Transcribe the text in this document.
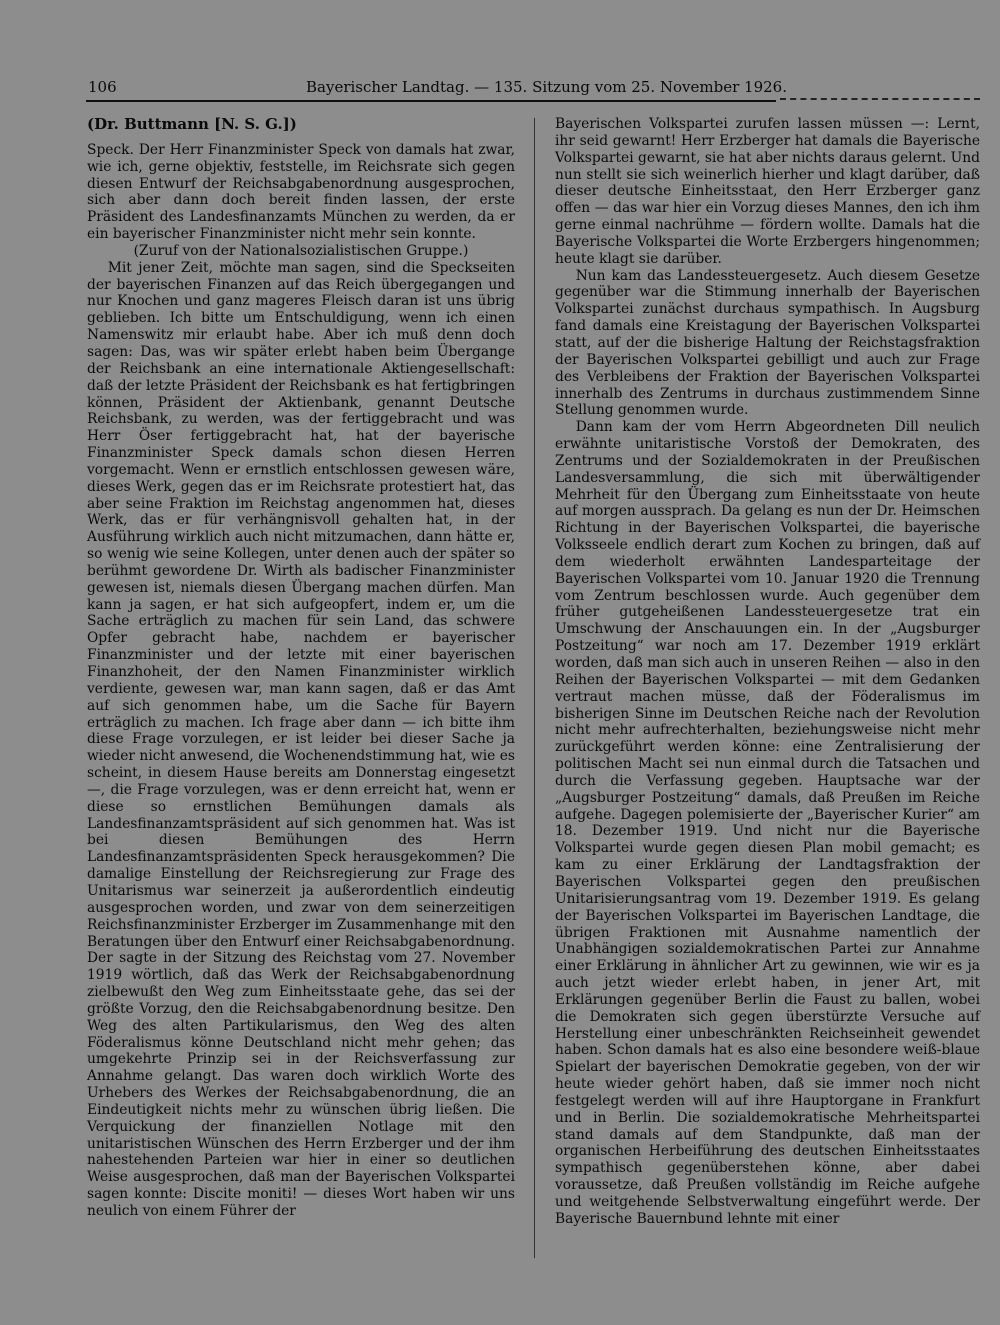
106	Bayerischer Landtag. — 135. Sitzung vom 25. November 1926.
(Dr. Buttmann [N. S. G.])

Speck. Der Herr Finanzminister Speck von damals hat zwar, wie ich, gerne objektiv, feststelle, im Reichsrate sich gegen diesen Entwurf der Reichsabgabenordnung ausgesprochen, sich aber dann doch bereit finden lassen, der erste Präsident des Landesfinanzamts München zu werden, da er ein bayerischer Finanzminister nicht mehr sein konnte.

(Zuruf von der Nationalsozialistischen Gruppe.)

Mit jener Zeit, möchte man sagen, sind die Speckseiten der bayerischen Finanzen auf das Reich übergegangen und nur Knochen und ganz mageres Fleisch daran ist uns übrig geblieben. Ich bitte um Entschuldigung, wenn ich einen Namenswitz mir erlaubt habe. Aber ich muß denn doch sagen: Das, was wir später erlebt haben beim Übergange der Reichsbank an eine internationale Aktiengesellschaft: daß der letzte Präsident der Reichsbank es hat fertigbringen können, Präsident der Aktienbank, genannt Deutsche Reichsbank, zu werden, was der fertiggebracht und was Herr Öser fertiggebracht hat, hat der bayerische Finanzminister Speck damals schon diesen Herren vorgemacht. Wenn er ernstlich entschlossen gewesen wäre, dieses Werk, gegen das er im Reichsrate protestiert hat, das aber seine Fraktion im Reichstag angenommen hat, dieses Werk, das er für verhängnisvoll gehalten hat, in der Ausführung wirklich auch nicht mitzumachen, dann hätte er, so wenig wie seine Kollegen, unter denen auch der später so berühmt gewordene Dr. Wirth als badischer Finanzminister gewesen ist, niemals diesen Übergang machen dürfen. Man kann ja sagen, er hat sich aufgeopfert, indem er, um die Sache erträglich zu machen für sein Land, das schwere Opfer gebracht habe, nachdem er bayerischer Finanzminister und der letzte mit einer bayerischen Finanzhoheit, der den Namen Finanzminister wirklich verdiente, gewesen war, man kann sagen, daß er das Amt auf sich genommen habe, um die Sache für Bayern erträglich zu machen. Ich frage aber dann — ich bitte ihm diese Frage vorzulegen, er ist leider bei dieser Sache ja wieder nicht anwesend, die Wochenendstimmung hat, wie es scheint, in diesem Hause bereits am Donnerstag eingesetzt —, die Frage vorzulegen, was er denn erreicht hat, wenn er diese so ernstlichen Bemühungen damals als Landesfinanzamtspräsident auf sich genommen hat. Was ist bei diesen Bemühungen des Herrn Landesfinanzamtspräsidenten Speck herausgekommen? Die damalige Einstellung der Reichsregierung zur Frage des Unitarismus war seinerzeit ja außerordentlich eindeutig ausgesprochen worden, und zwar von dem seinerzeitigen Reichsfinanzminister Erzberger im Zusammenhange mit den Beratungen über den Entwurf einer Reichsabgabenordnung. Der sagte in der Sitzung des Reichstag vom 27. November 1919 wörtlich, daß das Werk der Reichsabgabenordnung zielbewußt den Weg zum Einheitsstaate gehe, das sei der größte Vorzug, den die Reichsabgabenordnung besitze. Den Weg des alten Partikularismus, den Weg des alten Föderalismus könne Deutschland nicht mehr gehen; das umgekehrte Prinzip sei in der Reichsverfassung zur Annahme gelangt. Das waren doch wirklich Worte des Urhebers des Werkes der Reichsabgabenordnung, die an Eindeutigkeit nichts mehr zu wünschen übrig ließen. Die Verquickung der finanziellen Notlage mit den unitaristischen Wünschen des Herrn Erzberger und der ihm nahestehenden Parteien war hier in einer so deutlichen Weise ausgesprochen, daß man der Bayerischen Volkspartei sagen konnte: Discite moniti! — dieses Wort haben wir uns neulich von einem Führer der

Bayerischen Volkspartei zurufen lassen müssen —: Lernt, ihr seid gewarnt! Herr Erzberger hat damals die Bayerische Volkspartei gewarnt, sie hat aber nichts daraus gelernt. Und nun stellt sie sich weinerlich hierher und klagt darüber, daß dieser deutsche Einheitsstaat, den Herr Erzberger ganz offen — das war hier ein Vorzug dieses Mannes, den ich ihm gerne einmal nachrühme — fördern wollte. Damals hat die Bayerische Volkspartei die Worte Erzbergers hingenommen; heute klagt sie darüber.

Nun kam das Landessteuergesetz. Auch diesem Gesetze gegenüber war die Stimmung innerhalb der Bayerischen Volkspartei zunächst durchaus sympathisch. In Augsburg fand damals eine Kreistagung der Bayerischen Volkspartei statt, auf der die bisherige Haltung der Reichstagsfraktion der Bayerischen Volkspartei gebilligt und auch zur Frage des Verbleibens der Fraktion der Bayerischen Volkspartei innerhalb des Zentrums in durchaus zustimmendem Sinne Stellung genommen wurde.

Dann kam der vom Herrn Abgeordneten Dill neulich erwähnte unitaristische Vorstoß der Demokraten, des Zentrums und der Sozialdemokraten in der Preußischen Landesversammlung, die sich mit überwältigender Mehrheit für den Übergang zum Einheitsstaate von heute auf morgen aussprach. Da gelang es nun der Dr. Heimschen Richtung in der Bayerischen Volkspartei, die bayerische Volksseele endlich derart zum Kochen zu bringen, daß auf dem wiederholt erwähnten Landesparteitage der Bayerischen Volkspartei vom 10. Januar 1920 die Trennung vom Zentrum beschlossen wurde. Auch gegenüber dem früher gutgeheißenen Landessteuergesetze trat ein Umschwung der Anschauungen ein. In der „Augsburger Postzeitung“ war noch am 17. Dezember 1919 erklärt worden, daß man sich auch in unseren Reihen — also in den Reihen der Bayerischen Volkspartei — mit dem Gedanken vertraut machen müsse, daß der Föderalismus im bisherigen Sinne im Deutschen Reiche nach der Revolution nicht mehr aufrechterhalten, beziehungsweise nicht mehr zurückgeführt werden könne: eine Zentralisierung der politischen Macht sei nun einmal durch die Tatsachen und durch die Verfassung gegeben. Hauptsache war der „Augsburger Postzeitung“ damals, daß Preußen im Reiche aufgehe. Dagegen polemisierte der „Bayerischer Kurier“ am 18. Dezember 1919. Und nicht nur die Bayerische Volkspartei wurde gegen diesen Plan mobil gemacht; es kam zu einer Erklärung der Landtagsfraktion der Bayerischen Volkspartei gegen den preußischen Unitarisierungsantrag vom 19. Dezember 1919. Es gelang der Bayerischen Volkspartei im Bayerischen Landtage, die übrigen Fraktionen mit Ausnahme namentlich der Unabhängigen sozialdemokratischen Partei zur Annahme einer Erklärung in ähnlicher Art zu gewinnen, wie wir es ja auch jetzt wieder erlebt haben, in jener Art, mit Erklärungen gegenüber Berlin die Faust zu ballen, wobei die Demokraten sich gegen überstürzte Versuche auf Herstellung einer unbeschränkten Reichseinheit gewendet haben. Schon damals hat es also eine besondere weiß-blaue Spielart der bayerischen Demokratie gegeben, von der wir heute wieder gehört haben, daß sie immer noch nicht festgelegt werden will auf ihre Hauptorgane in Frankfurt und in Berlin. Die sozialdemokratische Mehrheitspartei stand damals auf dem Standpunkte, daß man der organischen Herbeiführung des deutschen Einheitsstaates sympathisch gegenüberstehen könne, aber dabei voraussetze, daß Preußen vollständig im Reiche aufgehe und weitgehende Selbstverwaltung eingeführt werde. Der Bayerische Bauernbund lehnte mit einer
